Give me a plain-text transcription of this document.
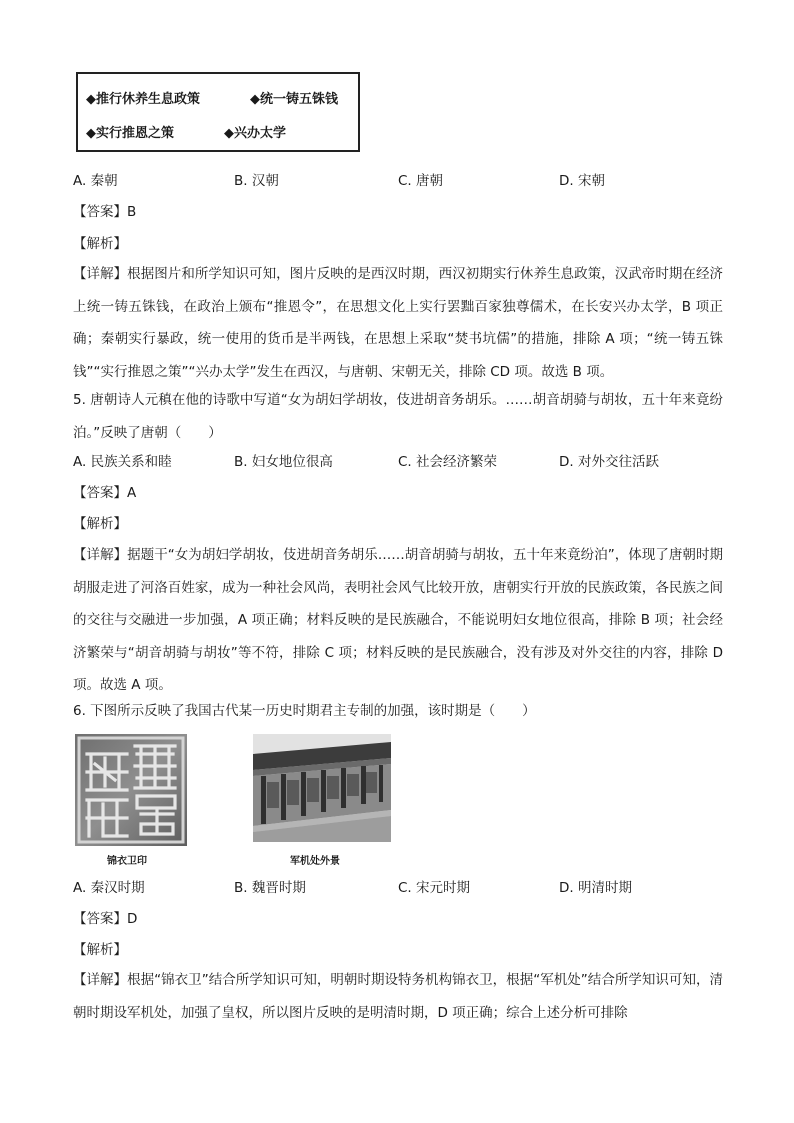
◆推行休养生息政策	◆统一铸五铢钱
◆实行推恩之策	◆兴办太学
A. 秦朝	B. 汉朝	C. 唐朝	D. 宋朝
【答案】B
【解析】
【详解】根据图片和所学知识可知，图片反映的是西汉时期，西汉初期实行休养生息政策，汉武帝时期在经济上统一铸五铢钱，在政治上颁布“推恩令”，在思想文化上实行罢黜百家独尊儒术，在长安兴办太学，B 项正确；秦朝实行暴政，统一使用的货币是半两钱，在思想上采取“焚书坑儒”的措施，排除 A 项；“统一铸五铢钱”“实行推恩之策”“兴办太学”发生在西汉，与唐朝、宋朝无关，排除 CD 项。故选 B 项。
5. 唐朝诗人元稹在他的诗歌中写道“女为胡妇学胡妆，伎进胡音务胡乐。……胡音胡骑与胡妆，五十年来竟纷泊。”反映了唐朝（　　）
A. 民族关系和睦	B. 妇女地位很高	C. 社会经济繁荣	D. 对外交往活跃
【答案】A
【解析】
【详解】据题干“女为胡妇学胡妆，伎进胡音务胡乐……胡音胡骑与胡妆，五十年来竟纷泊”，体现了唐朝时期胡服走进了河洛百姓家，成为一种社会风尚，表明社会风气比较开放，唐朝实行开放的民族政策，各民族之间的交往与交融进一步加强，A 项正确；材料反映的是民族融合，不能说明妇女地位很高，排除 B 项；社会经济繁荣与“胡音胡骑与胡妆”等不符，排除 C 项；材料反映的是民族融合，没有涉及对外交往的内容，排除 D 项。故选 A 项。
6. 下图所示反映了我国古代某一历史时期君主专制的加强，该时期是（　　）
锦衣卫印	军机处外景
A. 秦汉时期	B. 魏晋时期	C. 宋元时期	D. 明清时期
【答案】D
【解析】
【详解】根据“锦衣卫”结合所学知识可知，明朝时期设特务机构锦衣卫，根据“军机处”结合所学知识可知，清朝时期设军机处，加强了皇权，所以图片反映的是明清时期，D 项正确；综合上述分析可排除
